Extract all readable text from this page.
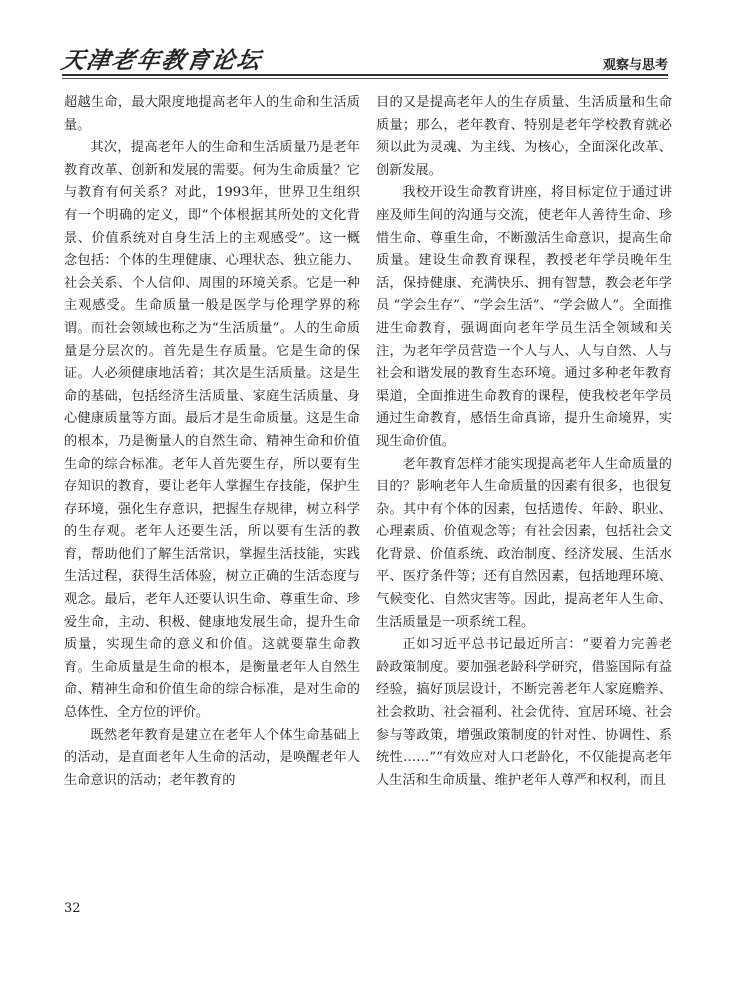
天津老年教育论坛	观察与思考

超越生命，最大限度地提高老年人的生命和生活质量。

其次，提高老年人的生命和生活质量乃是老年教育改革、创新和发展的需要。何为生命质量？它与教育有何关系？对此，1993年，世界卫生组织有一个明确的定义，即“个体根据其所处的文化背景、价值系统对自身生活上的主观感受”。这一概念包括：个体的生理健康、心理状态、独立能力、社会关系、个人信仰、周围的环境关系。它是一种主观感受。生命质量一般是医学与伦理学界的称谓。而社会领域也称之为“生活质量”。人的生命质量是分层次的。首先是生存质量。它是生命的保证。人必须健康地活着；其次是生活质量。这是生命的基础，包括经济生活质量、家庭生活质量、身心健康质量等方面。最后才是生命质量。这是生命的根本，乃是衡量人的自然生命、精神生命和价值生命的综合标准。老年人首先要生存，所以要有生存知识的教育，要让老年人掌握生存技能，保护生存环境，强化生存意识，把握生存规律，树立科学的生存观。老年人还要生活，所以要有生活的教育，帮助他们了解生活常识，掌握生活技能，实践生活过程，获得生活体验，树立正确的生活态度与观念。最后，老年人还要认识生命、尊重生命、珍爱生命，主动、积极、健康地发展生命，提升生命质量，实现生命的意义和价值。这就要靠生命教育。生命质量是生命的根本，是衡量老年人自然生命、精神生命和价值生命的综合标准，是对生命的总体性、全方位的评价。

既然老年教育是建立在老年人个体生命基础上的活动，是直面老年人生命的活动，是唤醒老年人生命意识的活动；老年教育的

目的又是提高老年人的生存质量、生活质量和生命质量；那么，老年教育、特别是老年学校教育就必须以此为灵魂、为主线、为核心，全面深化改革、创新发展。

我校开设生命教育讲座，将目标定位于通过讲座及师生间的沟通与交流，使老年人善待生命、珍惜生命、尊重生命，不断激活生命意识，提高生命质量。建设生命教育课程，教授老年学员晚年生活，保持健康、充满快乐、拥有智慧，教会老年学员 “学会生存”、“学会生活”、“学会做人”。全面推进生命教育，强调面向老年学员生活全领域和关注，为老年学员营造一个人与人、人与自然、人与社会和谐发展的教育生态环境。通过多种老年教育渠道，全面推进生命教育的课程，使我校老年学员通过生命教育，感悟生命真谛，提升生命境界，实现生命价值。

老年教育怎样才能实现提高老年人生命质量的目的？影响老年人生命质量的因素有很多，也很复杂。其中有个体的因素，包括遗传、年龄、职业、心理素质、价值观念等；有社会因素，包括社会文化背景、价值系统、政治制度、经济发展、生活水平、医疗条件等；还有自然因素，包括地理环境、气候变化、自然灾害等。因此，提高老年人生命、生活质量是一项系统工程。

正如习近平总书记最近所言：“要着力完善老龄政策制度。要加强老龄科学研究，借鉴国际有益经验，搞好顶层设计，不断完善老年人家庭赡养、社会救助、社会福利、社会优待、宜居环境、社会参与等政策，增强政策制度的针对性、协调性、系统性……”“有效应对人口老龄化，不仅能提高老年人生活和生命质量、维护老年人尊严和权利，而且

32
